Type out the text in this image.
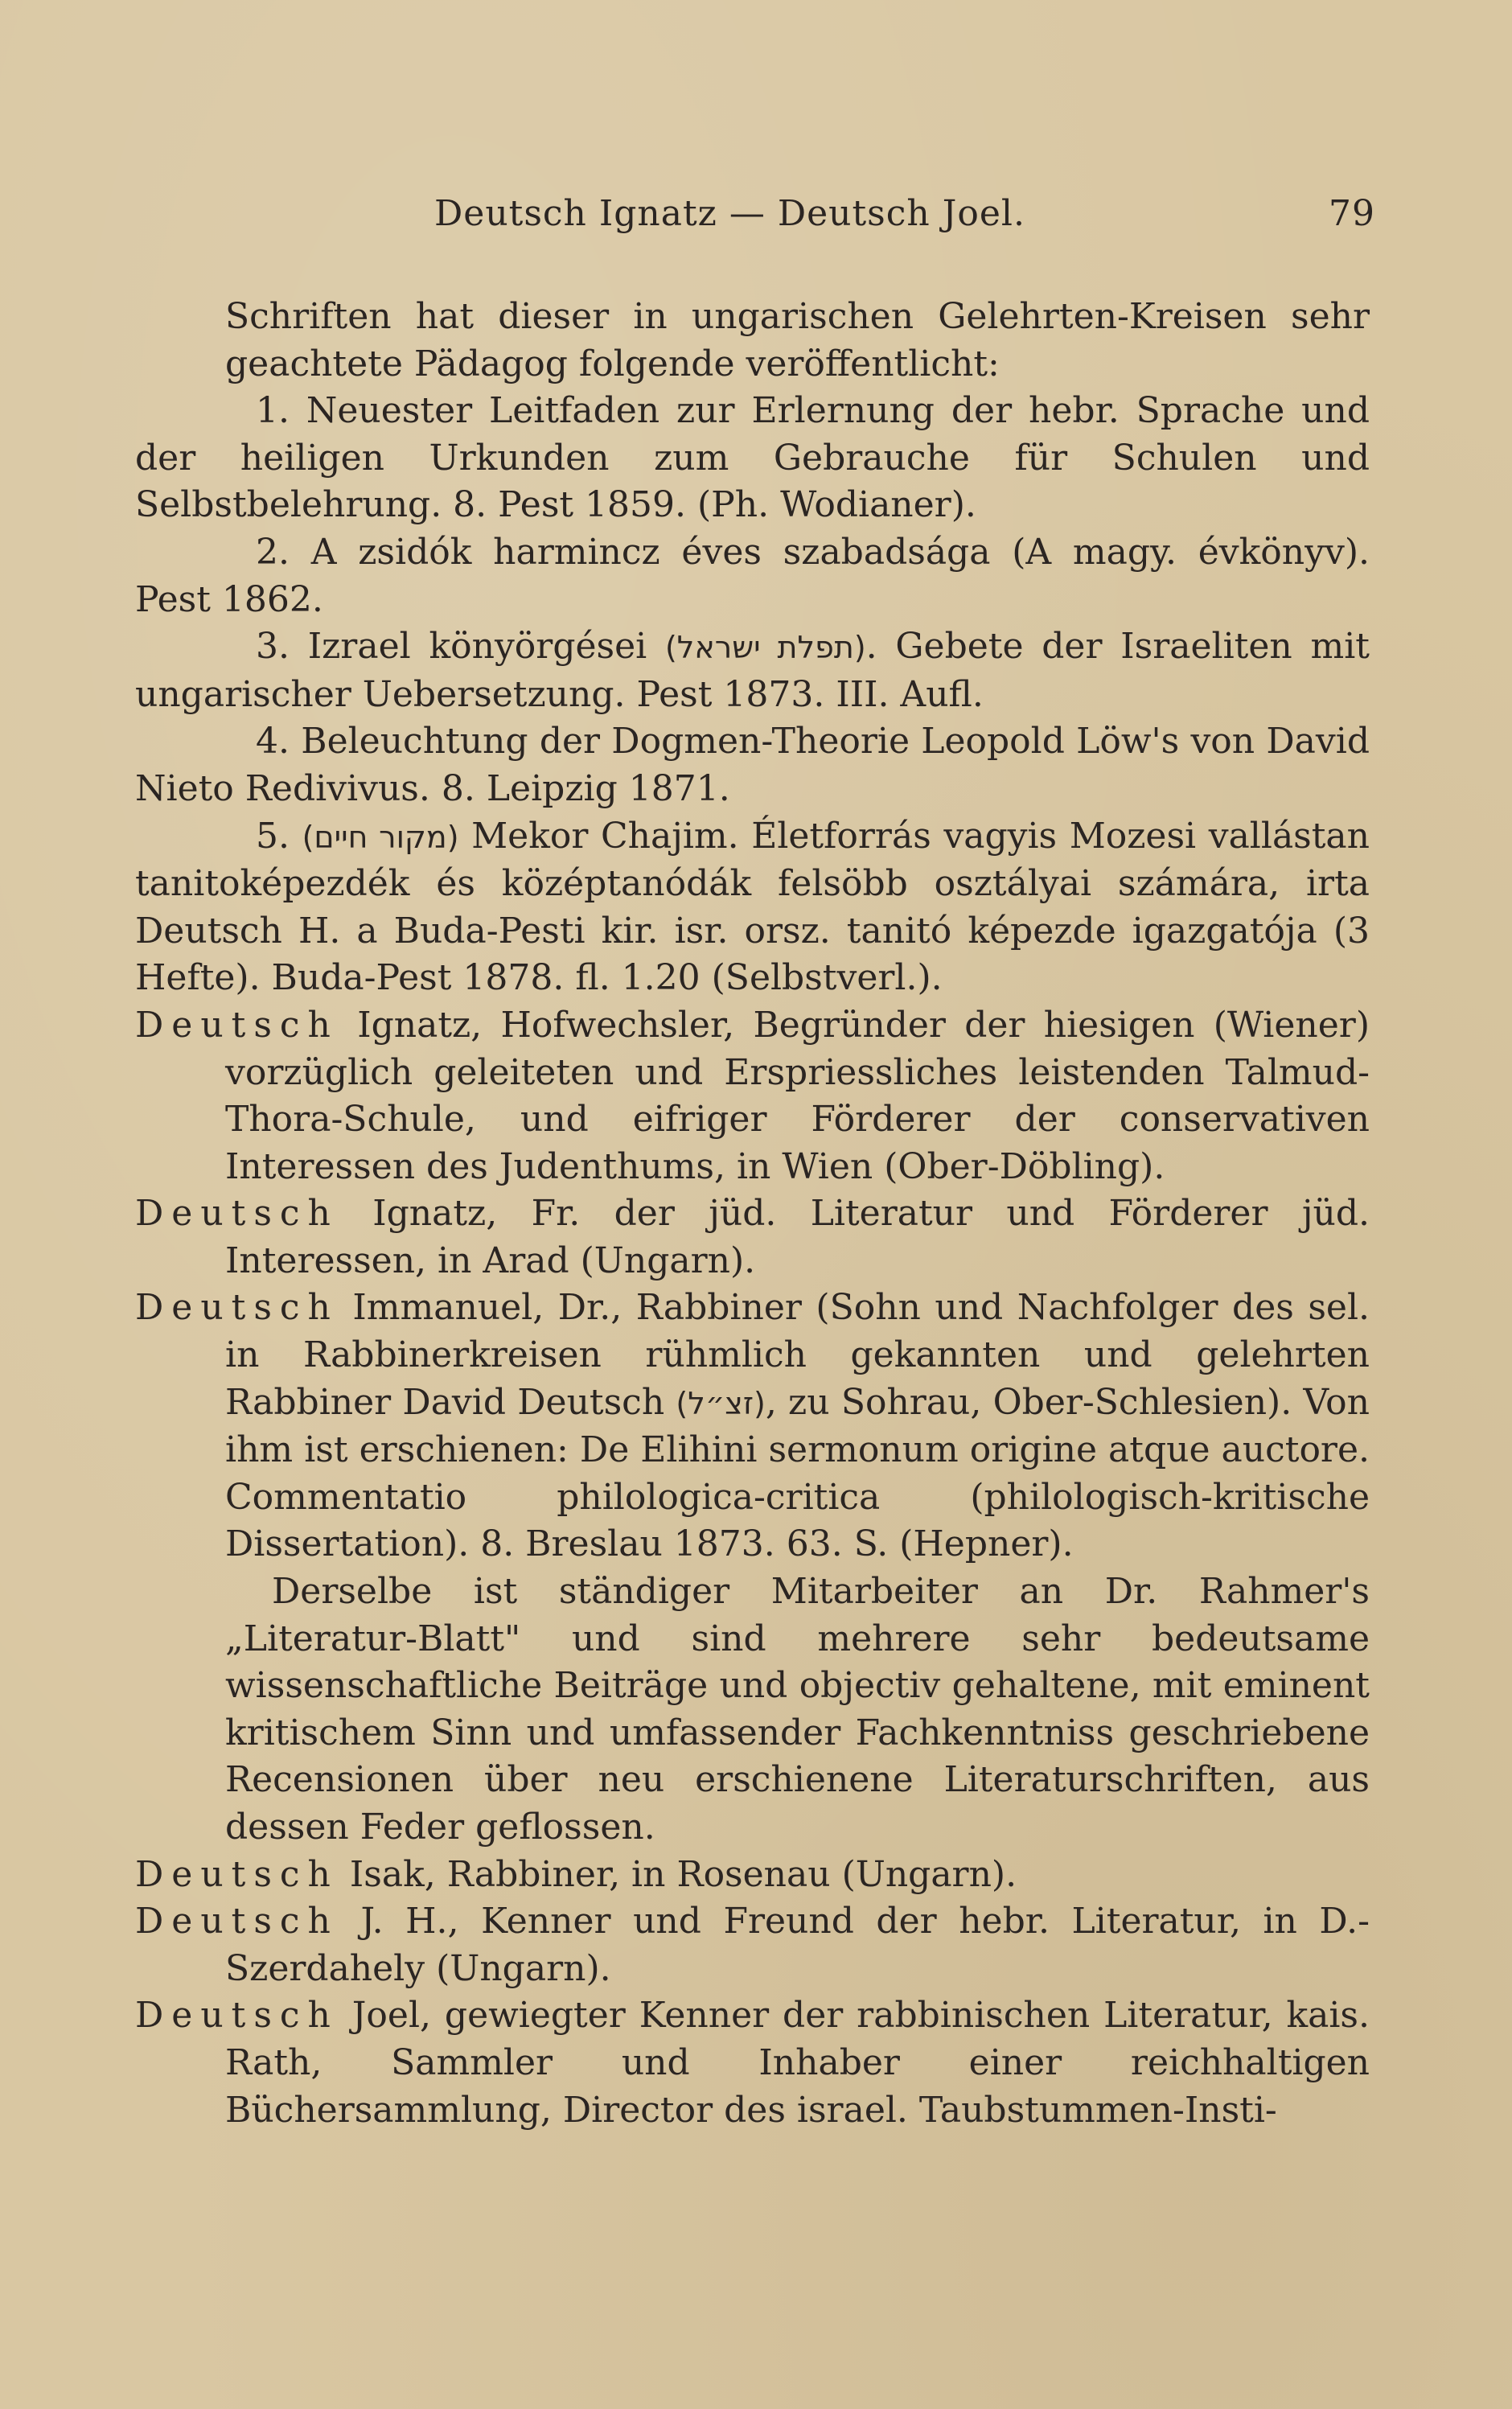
Deutsch Ignatz — Deutsch Joel.	79

Schriften hat dieser in ungarischen Gelehrten-Kreisen sehr geachtete Pädagog folgende veröffentlicht:

1. Neuester Leitfaden zur Erlernung der hebr. Sprache und der heiligen Urkunden zum Gebrauche für Schulen und Selbstbelehrung. 8. Pest 1859. (Ph. Wodianer).

2. A zsidók harmincz éves szabadsága (A magy. évkönyv). Pest 1862.

3. Izrael könyörgései (תפלת ישראל). Gebete der Israeliten mit ungarischer Uebersetzung. Pest 1873. III. Aufl.

4. Beleuchtung der Dogmen-Theorie Leopold Löw's von David Nieto Redivivus. 8. Leipzig 1871.

5. (מקור חיים) Mekor Chajim. Életforrás vagyis Mozesi vallástan tanitoképezdék és középtanódák felsöbb osztályai számára, irta Deutsch H. a Buda-Pesti kir. isr. orsz. tanitó képezde igazgatója (3 Hefte). Buda-Pest 1878. fl. 1.20 (Selbstverl.).

Deutsch Ignatz, Hofwechsler, Begründer der hiesigen (Wiener) vorzüglich geleiteten und Erspriessliches leistenden Talmud-Thora-Schule, und eifriger Förderer der conservativen Interessen des Judenthums, in Wien (Ober-Döbling).

Deutsch Ignatz, Fr. der jüd. Literatur und Förderer jüd. Interessen, in Arad (Ungarn).

Deutsch Immanuel, Dr., Rabbiner (Sohn und Nachfolger des sel. in Rabbinerkreisen rühmlich gekannten und gelehrten Rabbiner David Deutsch (זצ״ל), zu Sohrau, Ober-Schlesien). Von ihm ist erschienen: De Elihini sermonum origine atque auctore. Commentatio philologica-critica (philologisch-kritische Dissertation). 8. Breslau 1873. 63. S. (Hepner).

Derselbe ist ständiger Mitarbeiter an Dr. Rahmer's „Literatur-Blatt" und sind mehrere sehr bedeutsame wissenschaftliche Beiträge und objectiv gehaltene, mit eminent kritischem Sinn und umfassender Fachkenntniss geschriebene Recensionen über neu erschienene Literaturschriften, aus dessen Feder geflossen.

Deutsch Isak, Rabbiner, in Rosenau (Ungarn).

Deutsch J. H., Kenner und Freund der hebr. Literatur, in D.-Szerdahely (Ungarn).

Deutsch Joel, gewiegter Kenner der rabbinischen Literatur, kais. Rath, Sammler und Inhaber einer reichhaltigen Büchersammlung, Director des israel. Taubstummen-Insti-
